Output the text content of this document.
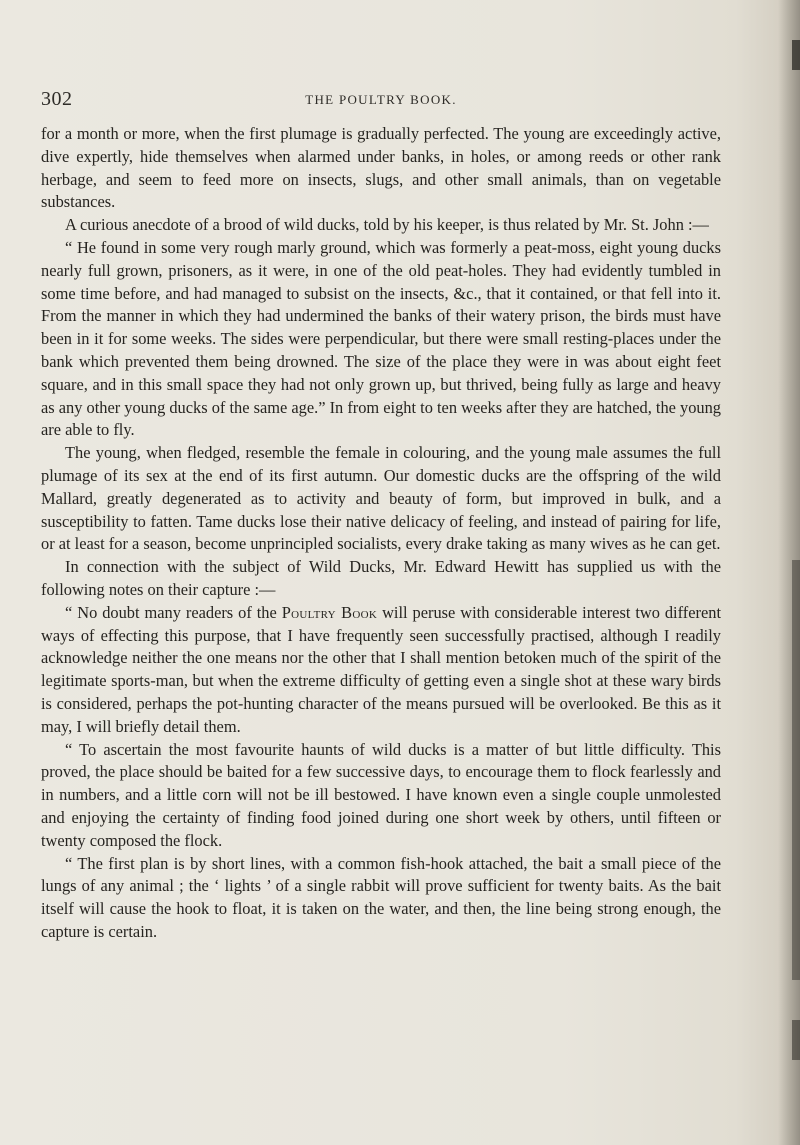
302	THE POULTRY BOOK.

for a month or more, when the first plumage is gradually perfected. The young are exceedingly active, dive expertly, hide themselves when alarmed under banks, in holes, or among reeds or other rank herbage, and seem to feed more on insects, slugs, and other small animals, than on vegetable substances.

A curious anecdote of a brood of wild ducks, told by his keeper, is thus related by Mr. St. John :—

“ He found in some very rough marly ground, which was formerly a peat-moss, eight young ducks nearly full grown, prisoners, as it were, in one of the old peat-holes. They had evidently tumbled in some time before, and had managed to subsist on the insects, &c., that it contained, or that fell into it. From the manner in which they had undermined the banks of their watery prison, the birds must have been in it for some weeks. The sides were perpendicular, but there were small resting-places under the bank which prevented them being drowned. The size of the place they were in was about eight feet square, and in this small space they had not only grown up, but thrived, being fully as large and heavy as any other young ducks of the same age.” In from eight to ten weeks after they are hatched, the young are able to fly.

The young, when fledged, resemble the female in colouring, and the young male assumes the full plumage of its sex at the end of its first autumn. Our domestic ducks are the offspring of the wild Mallard, greatly degenerated as to activity and beauty of form, but improved in bulk, and a susceptibility to fatten. Tame ducks lose their native delicacy of feeling, and instead of pairing for life, or at least for a season, become unprincipled socialists, every drake taking as many wives as he can get.

In connection with the subject of Wild Ducks, Mr. Edward Hewitt has supplied us with the following notes on their capture :—

“ No doubt many readers of the Poultry Book will peruse with considerable interest two different ways of effecting this purpose, that I have frequently seen successfully practised, although I readily acknowledge neither the one means nor the other that I shall mention betoken much of the spirit of the legitimate sports-man, but when the extreme difficulty of getting even a single shot at these wary birds is considered, perhaps the pot-hunting character of the means pursued will be overlooked. Be this as it may, I will briefly detail them.

“ To ascertain the most favourite haunts of wild ducks is a matter of but little difficulty. This proved, the place should be baited for a few successive days, to encourage them to flock fearlessly and in numbers, and a little corn will not be ill bestowed. I have known even a single couple unmolested and enjoying the certainty of finding food joined during one short week by others, until fifteen or twenty composed the flock.

“ The first plan is by short lines, with a common fish-hook attached, the bait a small piece of the lungs of any animal ; the ‘ lights ’ of a single rabbit will prove sufficient for twenty baits. As the bait itself will cause the hook to float, it is taken on the water, and then, the line being strong enough, the capture is certain.
